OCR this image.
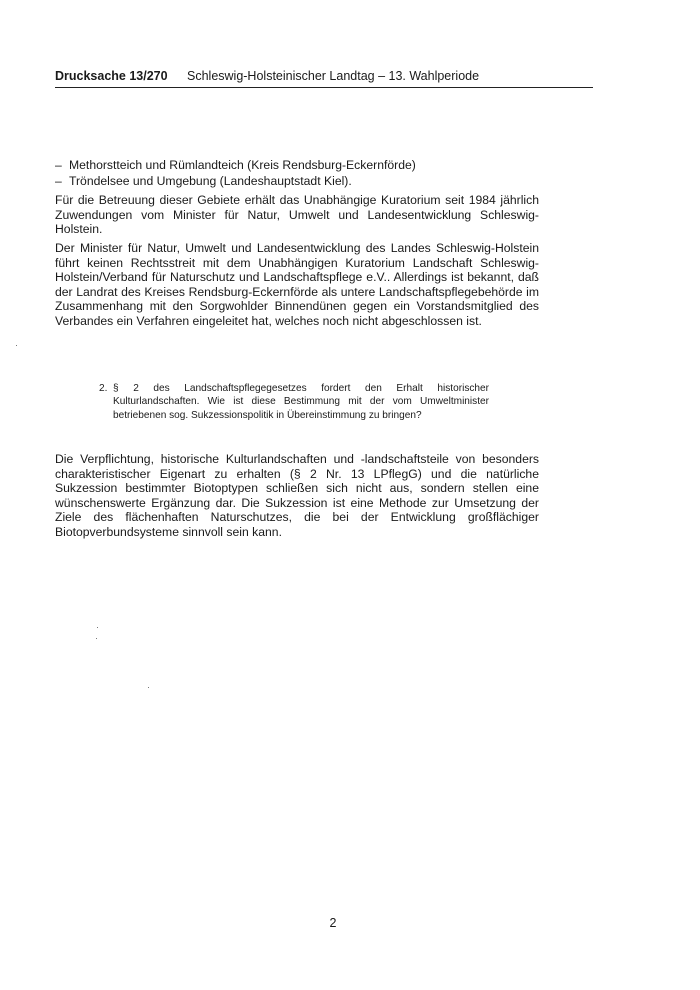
Drucksache 13/270 Schleswig-Holsteinischer Landtag – 13. Wahlperiode
– Methorstteich und Rümlandteich (Kreis Rendsburg-Eckernförde)
– Tröndelsee und Umgebung (Landeshauptstadt Kiel).

Für die Betreuung dieser Gebiete erhält das Unabhängige Kuratorium seit 1984 jährlich Zuwendungen vom Minister für Natur, Umwelt und Landesentwicklung Schleswig-Holstein.

Der Minister für Natur, Umwelt und Landesentwicklung des Landes Schleswig-Holstein führt keinen Rechtsstreit mit dem Unabhängigen Kuratorium Landschaft Schleswig-Holstein/Verband für Naturschutz und Landschaftspflege e.V.. Allerdings ist bekannt, daß der Landrat des Kreises Rendsburg-Eckernförde als untere Landschaftspflegebehörde im Zusammenhang mit den Sorgwohlder Binnendünen gegen ein Vorstandsmitglied des Verbandes ein Verfahren eingeleitet hat, welches noch nicht abgeschlossen ist.

2. § 2 des Landschaftspflegegesetzes fordert den Erhalt historischer Kulturlandschaften. Wie ist diese Bestimmung mit der vom Umweltminister betriebenen sog. Sukzessionspolitik in Übereinstimmung zu bringen?

Die Verpflichtung, historische Kulturlandschaften und -landschaftsteile von besonders charakteristischer Eigenart zu erhalten (§ 2 Nr. 13 LPflegG) und die natürliche Sukzession bestimmter Biotoptypen schließen sich nicht aus, sondern stellen eine wünschenswerte Ergänzung dar. Die Sukzession ist eine Methode zur Umsetzung der Ziele des flächenhaften Naturschutzes, die bei der Entwicklung großflächiger Biotopverbundsysteme sinnvoll sein kann.

2
